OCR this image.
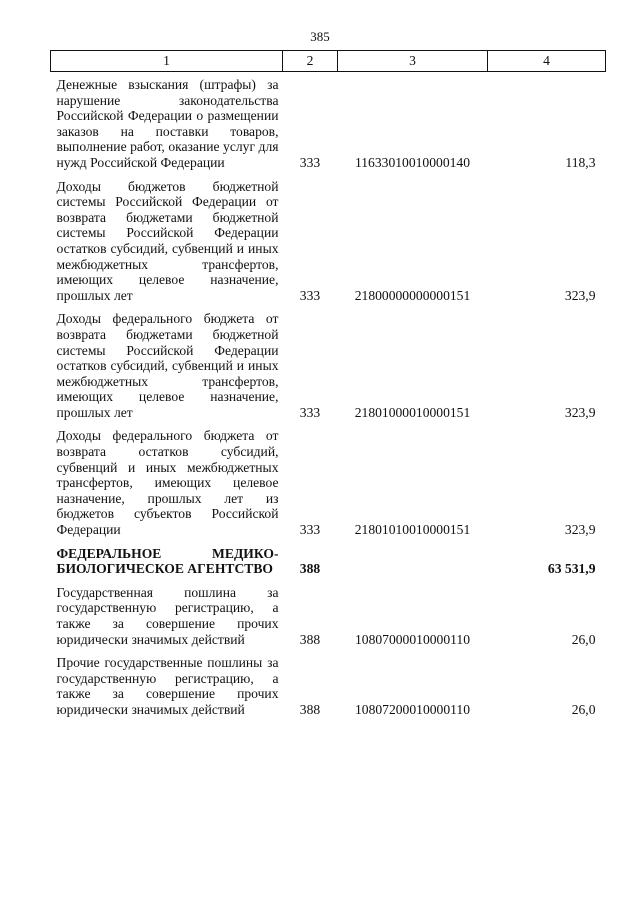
385
1	2	3	4

Денежные взыскания (штрафы) за нарушение законодательства Российской Федерации о размещении заказов на поставки товаров, выполнение работ, оказание услуг для нужд Российской Федерации	333	11633010010000140	118,3

Доходы бюджетов бюджетной системы Российской Федерации от возврата бюджетами бюджетной системы Российской Федерации остатков субсидий, субвенций и иных межбюджетных трансфертов, имеющих целевое назначение, прошлых лет	333	21800000000000151	323,9

Доходы федерального бюджета от возврата бюджетами бюджетной системы Российской Федерации остатков субсидий, субвенций и иных межбюджетных трансфертов, имеющих целевое назначение, прошлых лет	333	21801000010000151	323,9

Доходы федерального бюджета от возврата остатков субсидий, субвенций и иных межбюджетных трансфертов, имеющих целевое назначение, прошлых лет из бюджетов субъектов Российской Федерации	333	21801010010000151	323,9

ФЕДЕРАЛЬНОЕ МЕДИКО-БИОЛОГИЧЕСКОЕ АГЕНТСТВО	388		63 531,9

Государственная пошлина за государственную регистрацию, а также за совершение прочих юридически значимых действий	388	10807000010000110	26,0

Прочие государственные пошлины за государственную регистрацию, а также за совершение прочих юридически значимых действий	388	10807200010000110	26,0
